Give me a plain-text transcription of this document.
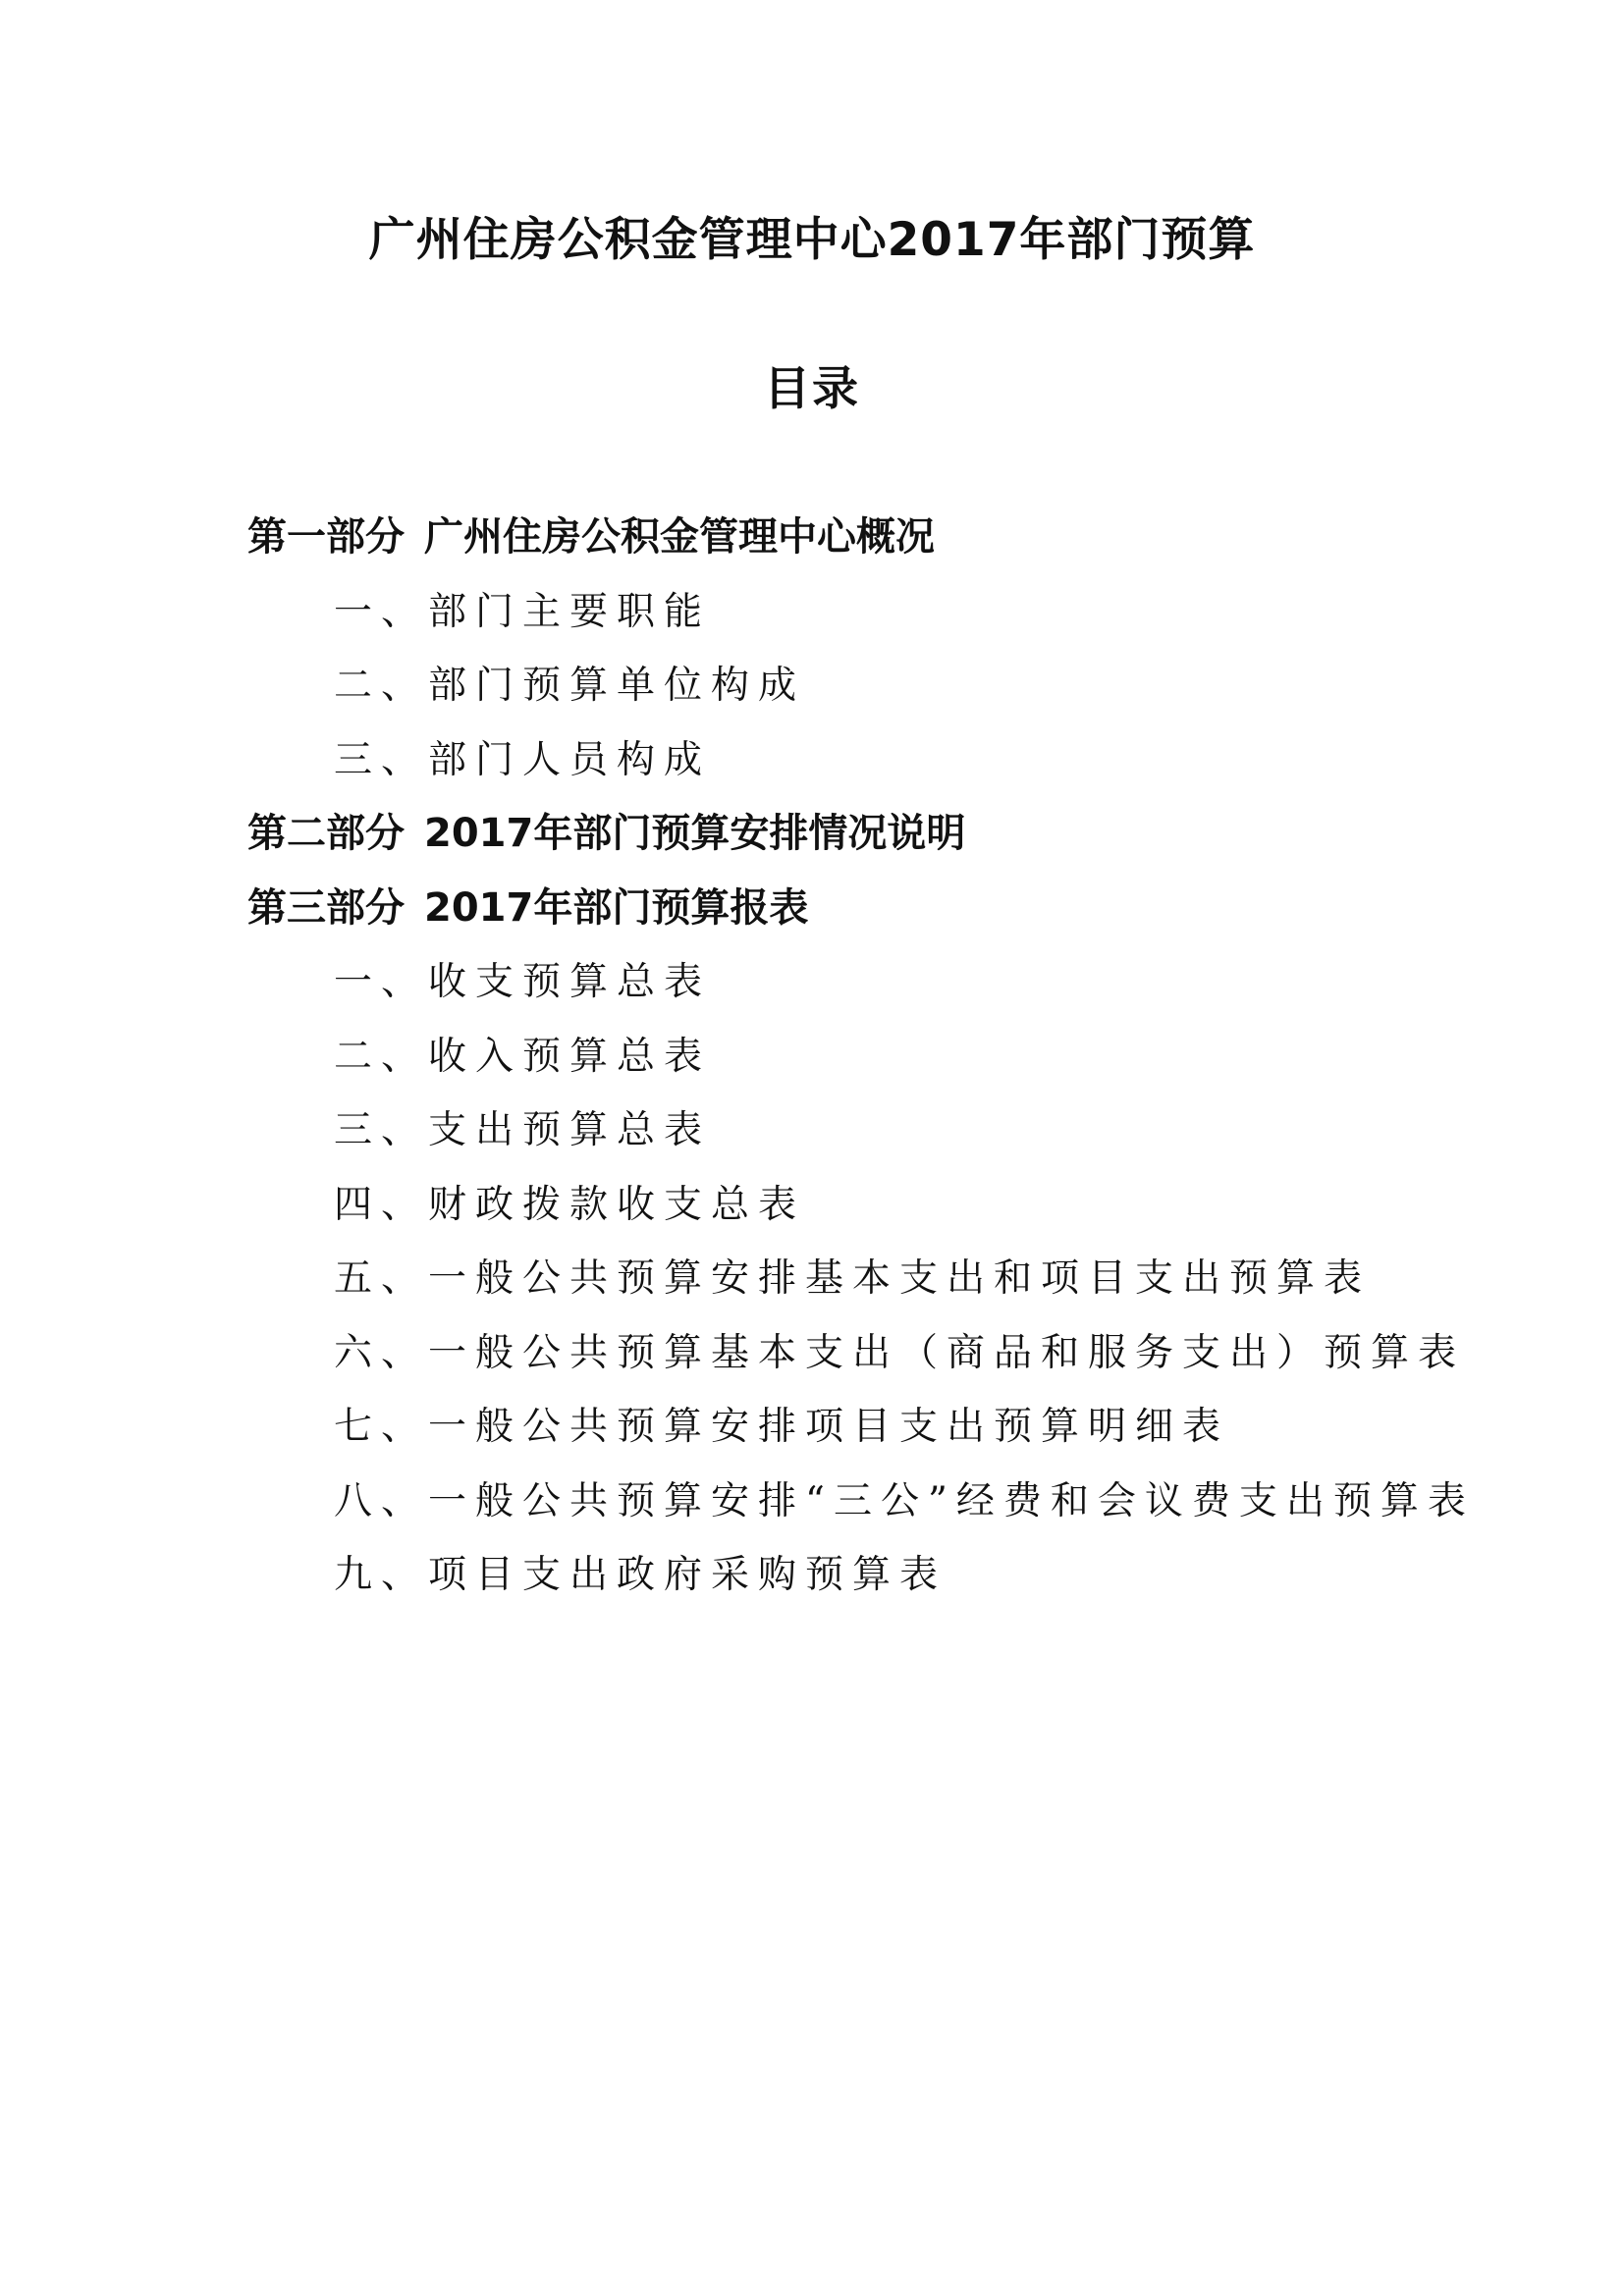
广州住房公积金管理中心2017年部门预算
目录
第一部分 广州住房公积金管理中心概况
一、部门主要职能
二、部门预算单位构成
三、部门人员构成
第二部分 2017年部门预算安排情况说明
第三部分 2017年部门预算报表
一、收支预算总表
二、收入预算总表
三、支出预算总表
四、财政拨款收支总表
五、一般公共预算安排基本支出和项目支出预算表
六、一般公共预算基本支出（商品和服务支出）预算表
七、一般公共预算安排项目支出预算明细表
八、一般公共预算安排“三公”经费和会议费支出预算表
九、项目支出政府采购预算表
